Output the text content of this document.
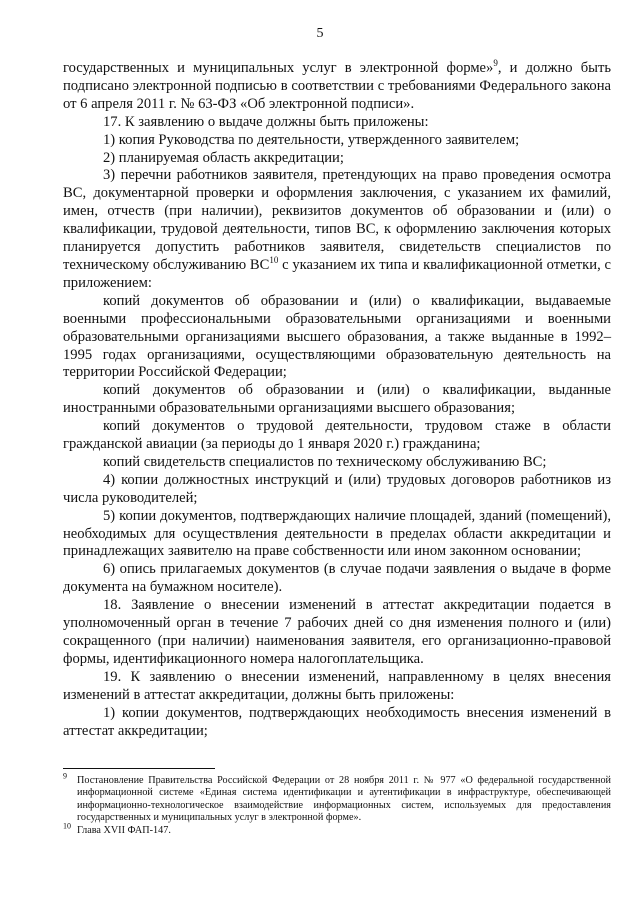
5

государственных и муниципальных услуг в электронной форме»$^9$, и должно быть подписано электронной подписью в соответствии с требованиями Федерального закона от 6 апреля 2011 г. № 63-ФЗ «Об электронной подписи».

17. К заявлению о выдаче должны быть приложены:

1) копия Руководства по деятельности, утвержденного заявителем;

2) планируемая область аккредитации;

3) перечни работников заявителя, претендующих на право проведения осмотра ВС, документарной проверки и оформления заключения, с указанием их фамилий, имен, отчеств (при наличии), реквизитов документов об образовании и (или) о квалификации, трудовой деятельности, типов ВС, к оформлению заключения которых планируется допустить работников заявителя, свидетельств специалистов по техническому обслуживанию ВС$^{10}$ с указанием их типа и квалификационной отметки, с приложением:

копий документов об образовании и (или) о квалификации, выдаваемые военными профессиональными образовательными организациями и военными образовательными организациями высшего образования, а также выданные в 1992–1995 годах организациями, осуществляющими образовательную деятельность на территории Российской Федерации;

копий документов об образовании и (или) о квалификации, выданные иностранными образовательными организациями высшего образования;

копий документов о трудовой деятельности, трудовом стаже в области гражданской авиации (за периоды до 1 января 2020 г.) гражданина;

копий свидетельств специалистов по техническому обслуживанию ВС;

4) копии должностных инструкций и (или) трудовых договоров работников из числа руководителей;

5) копии документов, подтверждающих наличие площадей, зданий (помещений), необходимых для осуществления деятельности в пределах области аккредитации и принадлежащих заявителю на праве собственности или ином законном основании;

6) опись прилагаемых документов (в случае подачи заявления о выдаче в форме документа на бумажном носителе).

18. Заявление о внесении изменений в аттестат аккредитации подается в уполномоченный орган в течение 7 рабочих дней со дня изменения полного и (или) сокращенного (при наличии) наименования заявителя, его организационно-правовой формы, идентификационного номера налогоплательщика.

19. К заявлению о внесении изменений, направленному в целях внесения изменений в аттестат аккредитации, должны быть приложены:

1) копии документов, подтверждающих необходимость внесения изменений в аттестат аккредитации;

$^9$ Постановление Правительства Российской Федерации от 28 ноября 2011 г. № 977 «О федеральной государственной информационной системе «Единая система идентификации и аутентификации в инфраструктуре, обеспечивающей информационно-технологическое взаимодействие информационных систем, используемых для предоставления государственных и муниципальных услуг в электронной форме».

$^{10}$ Глава XVII ФАП-147.
